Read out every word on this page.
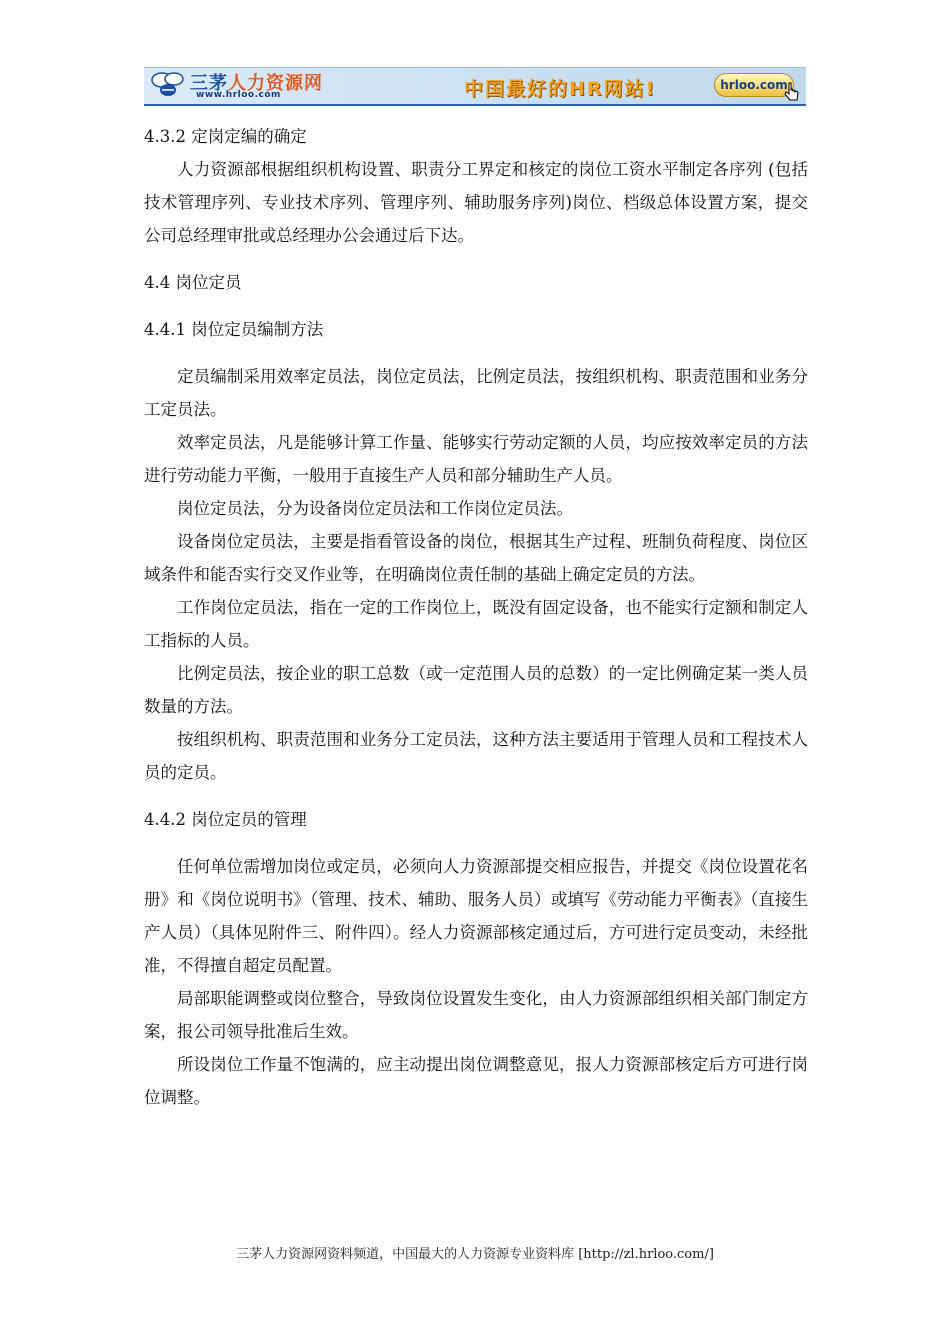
三茅人力资源网
www.hrloo.com	中国最好的HR网站!	hrloo.com

4.3.2 定岗定编的确定

人力资源部根据组织机构设置、职责分工界定和核定的岗位工资水平制定各序列 (包括技术管理序列、专业技术序列、管理序列、辅助服务序列)岗位、档级总体设置方案，提交公司总经理审批或总经理办公会通过后下达。

4.4 岗位定员

4.4.1 岗位定员编制方法

定员编制采用效率定员法，岗位定员法，比例定员法，按组织机构、职责范围和业务分工定员法。

效率定员法，凡是能够计算工作量、能够实行劳动定额的人员，均应按效率定员的方法进行劳动能力平衡，一般用于直接生产人员和部分辅助生产人员。

岗位定员法，分为设备岗位定员法和工作岗位定员法。

设备岗位定员法，主要是指看管设备的岗位，根据其生产过程、班制负荷程度、岗位区域条件和能否实行交叉作业等，在明确岗位责任制的基础上确定定员的方法。

工作岗位定员法，指在一定的工作岗位上，既没有固定设备，也不能实行定额和制定人工指标的人员。

比例定员法，按企业的职工总数（或一定范围人员的总数）的一定比例确定某一类人员数量的方法。

按组织机构、职责范围和业务分工定员法，这种方法主要适用于管理人员和工程技术人员的定员。

4.4.2 岗位定员的管理

任何单位需增加岗位或定员，必须向人力资源部提交相应报告，并提交《岗位设置花名册》和《岗位说明书》（管理、技术、辅助、服务人员）或填写《劳动能力平衡表》（直接生产人员）（具体见附件三、附件四）。经人力资源部核定通过后，方可进行定员变动，未经批准，不得擅自超定员配置。

局部职能调整或岗位整合，导致岗位设置发生变化，由人力资源部组织相关部门制定方案，报公司领导批准后生效。

所设岗位工作量不饱满的，应主动提出岗位调整意见，报人力资源部核定后方可进行岗位调整。

三茅人力资源网资料频道，中国最大的人力资源专业资料库 [http://zl.hrloo.com/]
